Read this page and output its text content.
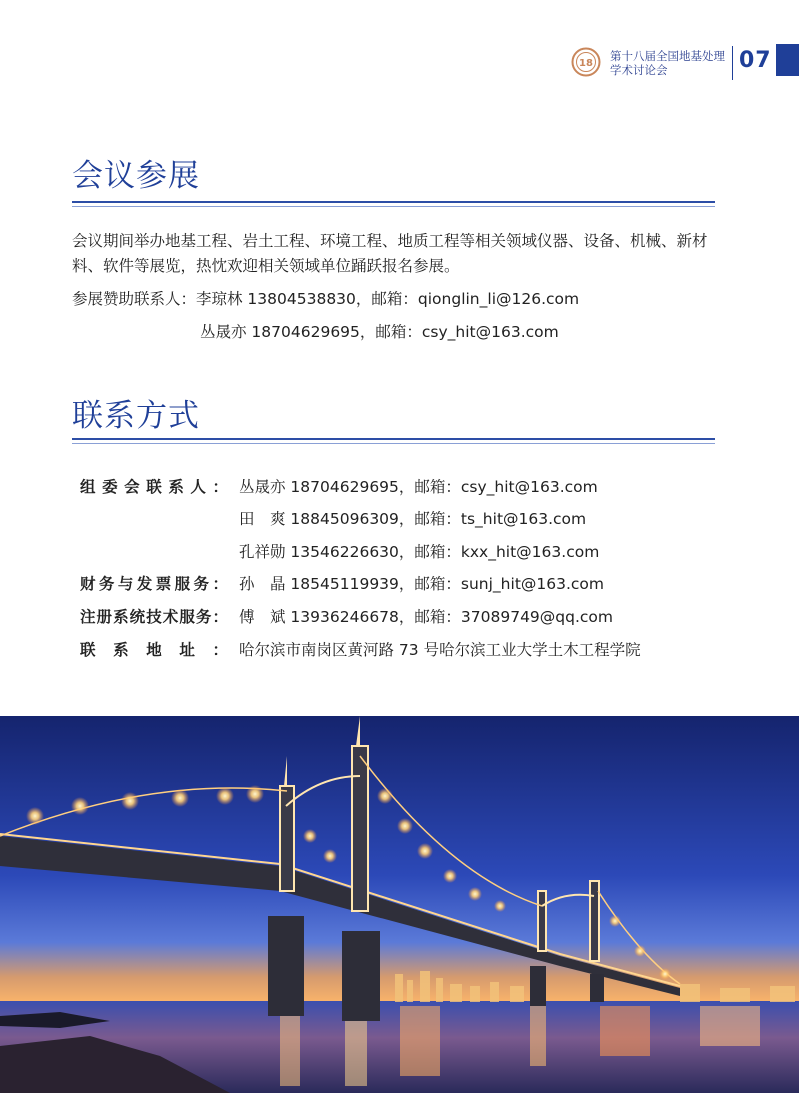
18
第十八届全国地基处理
学术讨论会	07
会议参展
会议期间举办地基工程、岩土工程、环境工程、地质工程等相关领域仪器、设备、机械、新材料、软件等展览，热忱欢迎相关领域单位踊跃报名参展。
参展赞助联系人：李琼林 13804538830，邮箱：qionglin_li@126.com
丛晟亦 18704629695，邮箱：csy_hit@163.com
联系方式
组委会联系人： 丛晟亦 18704629695，邮箱：csy_hit@163.com
田　爽 18845096309，邮箱：ts_hit@163.com
孔祥勋 13546226630，邮箱：kxx_hit@163.com
财务与发票服务： 孙　晶 18545119939，邮箱：sunj_hit@163.com
注册系统技术服务： 傅　斌 13936246678，邮箱：37089749@qq.com
联系地址： 哈尔滨市南岗区黄河路 73 号哈尔滨工业大学土木工程学院
